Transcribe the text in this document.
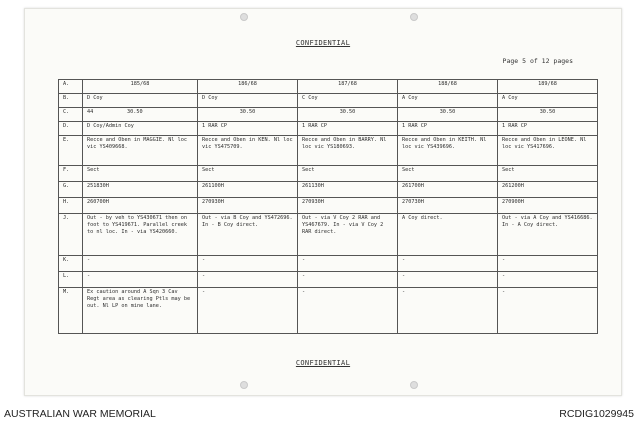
CONFIDENTIAL
Page 5 of 12 pages
A.	185/68	186/68	187/68	188/68	189/68
B.	D Coy	D Coy	C Coy	A Coy	A Coy
C.	44 30.50	30.50	30.50	30.50	30.50
D.	D Coy/Admin Coy	1 RAR CP	1 RAR CP	1 RAR CP	1 RAR CP
E.	Recce and Oben in MAGGIE. Nl loc vic YS409668.	Recce and Oben in KEN. Nl loc vic YS475709.	Recce and Oben in BARRY. Nl loc vic YS180693.	Recce and Oben in KEITH. Nl loc vic YS439696.	Recce and Oben in LEONE. Nl loc vic YS417696.
F.	Sect	Sect	Sect	Sect	Sect
G.	251830H	261100H	261130H	261700H	261200H
H.	260700H	270930H	270930H	270730H	270900H
J.	Out - by veh to YS430671 then on foot to YS419671. Parallel creek to nl loc. In - via YS420660.	Out - via B Coy and YS472696. In - B Coy direct.	Out - via V Coy 2 RAR and YS467679. In - via V Coy 2 RAR direct.	A Coy direct.	Out - via A Coy and YS416686. In - A Coy direct.
K.	-	-	-	-	-
L.	-	-	-	-	-
M.	Ex caution around A Sqn 3 Cav Regt area as clearing Ptls may be out. Nl LP on mine lane.	-	-	-	-
CONFIDENTIAL
AUSTRALIAN WAR MEMORIAL	RCDIG1029945
